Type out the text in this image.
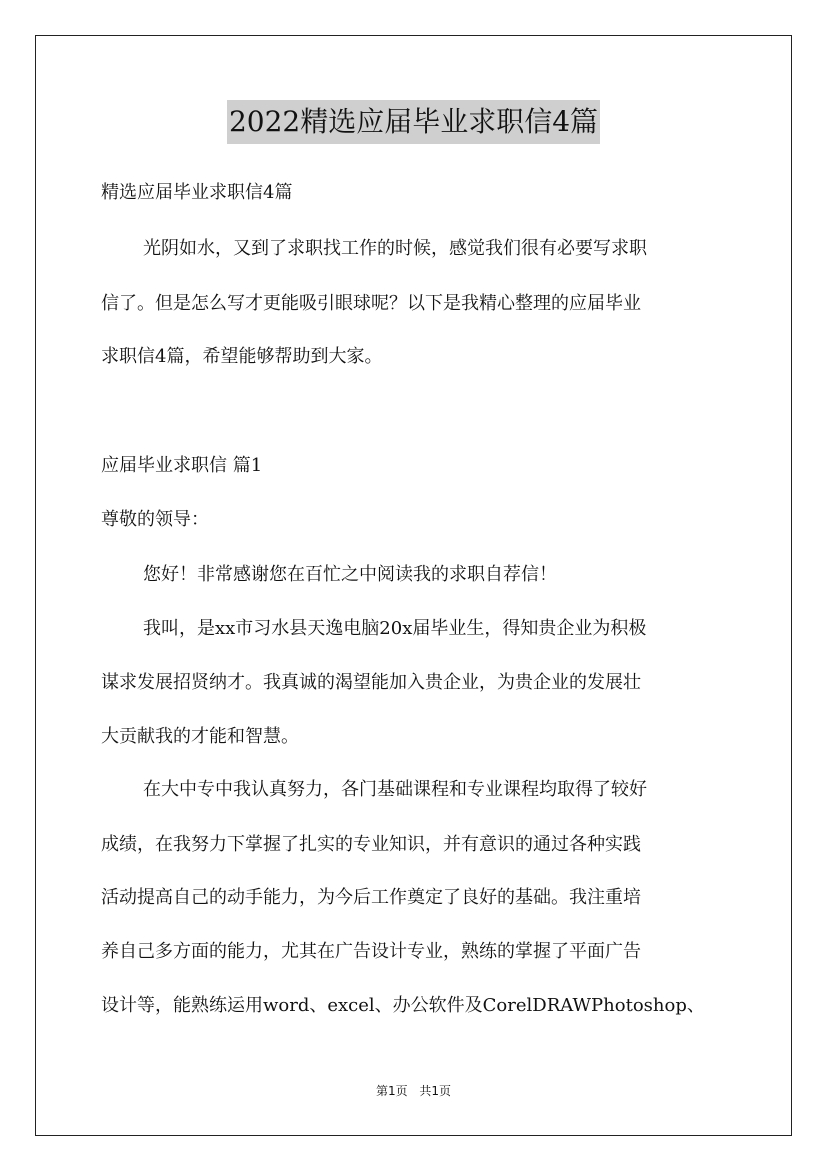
2022精选应届毕业求职信4篇
精选应届毕业求职信4篇
光阴如水，又到了求职找工作的时候，感觉我们很有必要写求职
信了。但是怎么写才更能吸引眼球呢？以下是我精心整理的应届毕业
求职信4篇，希望能够帮助到大家。
应届毕业求职信 篇1
尊敬的领导：
您好！非常感谢您在百忙之中阅读我的求职自荐信！
我叫，是xx市习水县天逸电脑20x届毕业生，得知贵企业为积极
谋求发展招贤纳才。我真诚的渴望能加入贵企业，为贵企业的发展壮
大贡献我的才能和智慧。
在大中专中我认真努力，各门基础课程和专业课程均取得了较好
成绩，在我努力下掌握了扎实的专业知识，并有意识的通过各种实践
活动提高自己的动手能力，为今后工作奠定了良好的基础。我注重培
养自己多方面的能力，尤其在广告设计专业，熟练的掌握了平面广告
设计等，能熟练运用word、excel、办公软件及CorelDRAWPhotoshop、
第1页 共1页
